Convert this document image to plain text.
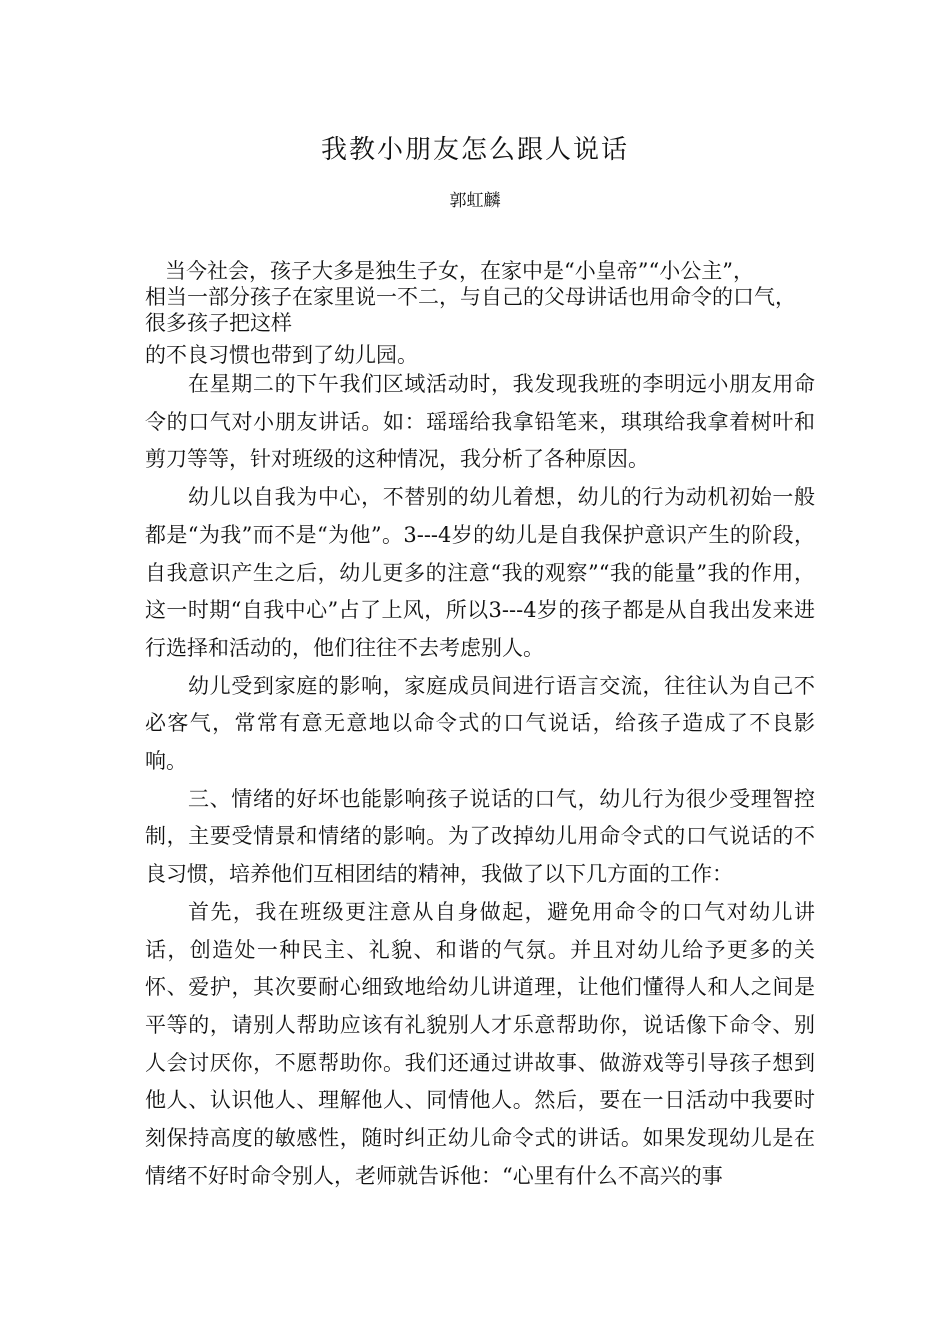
我教小朋友怎么跟人说话
郭虹麟
当今社会，孩子大多是独生子女，在家中是“小皇帝”“小公主”，
相当一部分孩子在家里说一不二，与自己的父母讲话也用命令的口气，
很多孩子把这样
的不良习惯也带到了幼儿园。

在星期二的下午我们区域活动时，我发现我班的李明远小朋友用命令的口气对小朋友讲话。如：瑶瑶给我拿铅笔来，琪琪给我拿着树叶和剪刀等等，针对班级的这种情况，我分析了各种原因。

幼儿以自我为中心，不替别的幼儿着想，幼儿的行为动机初始一般都是“为我”而不是“为他”。3---4岁的幼儿是自我保护意识产生的阶段，自我意识产生之后，幼儿更多的注意“我的观察”“我的能量”我的作用，这一时期“自我中心”占了上风，所以3---4岁的孩子都是从自我出发来进行选择和活动的，他们往往不去考虑别人。

幼儿受到家庭的影响，家庭成员间进行语言交流，往往认为自己不必客气，常常有意无意地以命令式的口气说话，给孩子造成了不良影响。

三、情绪的好坏也能影响孩子说话的口气，幼儿行为很少受理智控制，主要受情景和情绪的影响。为了改掉幼儿用命令式的口气说话的不良习惯，培养他们互相团结的精神，我做了以下几方面的工作：

首先，我在班级更注意从自身做起，避免用命令的口气对幼儿讲话，创造处一种民主、礼貌、和谐的气氛。并且对幼儿给予更多的关怀、爱护，其次要耐心细致地给幼儿讲道理，让他们懂得人和人之间是平等的，请别人帮助应该有礼貌别人才乐意帮助你，说话像下命令、别人会讨厌你，不愿帮助你。我们还通过讲故事、做游戏等引导孩子想到他人、认识他人、理解他人、同情他人。然后，要在一日活动中我要时刻保持高度的敏感性，随时纠正幼儿命令式的讲话。如果发现幼儿是在情绪不好时命令别人，老师就告诉他：“心里有什么不高兴的事
